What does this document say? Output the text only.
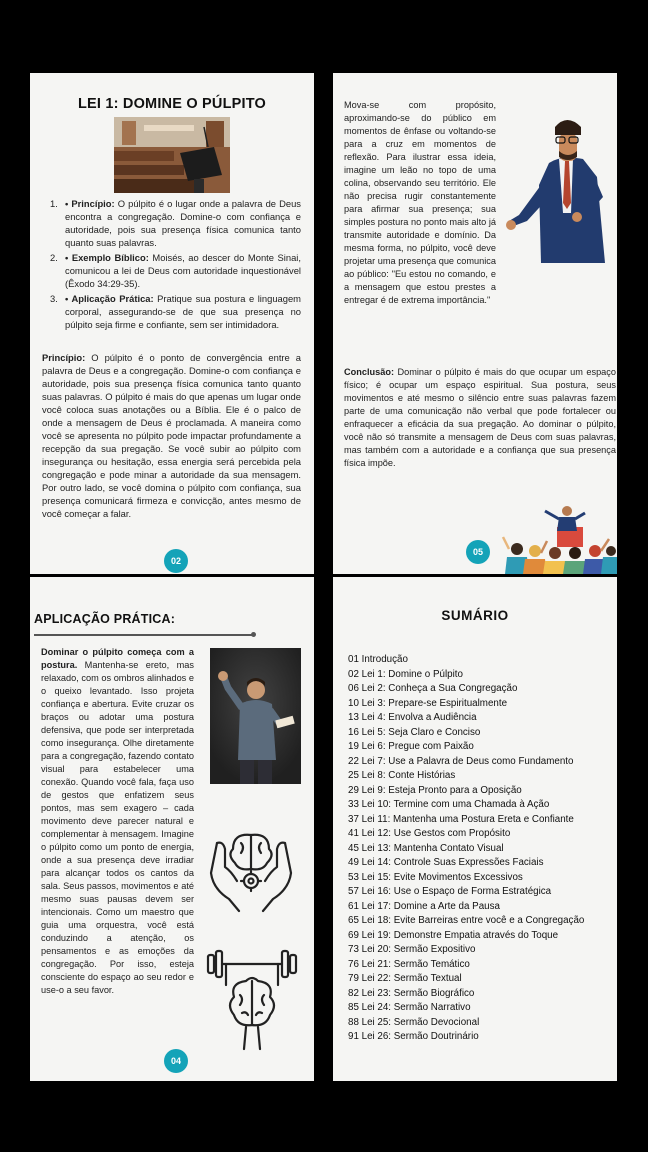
LEI 1: DOMINE O PÚLPITO
1. • Princípio: O púlpito é o lugar onde a palavra de Deus encontra a congregação. Domine-o com confiança e autoridade, pois sua presença física comunica tanto quanto suas palavras.
2. • Exemplo Bíblico: Moisés, ao descer do Monte Sinai, comunicou a lei de Deus com autoridade inquestionável (Êxodo 34:29-35).
3. • Aplicação Prática: Pratique sua postura e linguagem corporal, assegurando-se de que sua presença no púlpito seja firme e confiante, sem ser intimidadora.
Princípio: O púlpito é o ponto de convergência entre a palavra de Deus e a congregação. Domine-o com confiança e autoridade, pois sua presença física comunica tanto quanto suas palavras. O púlpito é mais do que apenas um lugar onde você coloca suas anotações ou a Bíblia. Ele é o palco de onde a mensagem de Deus é proclamada. A maneira como você se apresenta no púlpito pode impactar profundamente a recepção da sua pregação. Se você subir ao púlpito com insegurança ou hesitação, essa energia será percebida pela congregação e pode minar a autoridade da sua mensagem. Por outro lado, se você domina o púlpito com confiança, sua presença comunicará firmeza e convicção, antes mesmo de você começar a falar.
02
Mova-se com propósito, aproximando-se do público em momentos de ênfase ou voltando-se para a cruz em momentos de reflexão. Para ilustrar essa ideia, imagine um leão no topo de uma colina, observando seu território. Ele não precisa rugir constantemente para afirmar sua presença; sua simples postura no ponto mais alto já transmite autoridade e domínio. Da mesma forma, no púlpito, você deve projetar uma presença que comunica ao público: "Eu estou no comando, e a mensagem que estou prestes a entregar é de extrema importância."
Conclusão: Dominar o púlpito é mais do que ocupar um espaço físico; é ocupar um espaço espiritual. Sua postura, seus movimentos e até mesmo o silêncio entre suas palavras fazem parte de uma comunicação não verbal que pode fortalecer ou enfraquecer a eficácia da sua pregação. Ao dominar o púlpito, você não só transmite a mensagem de Deus com suas palavras, mas também com a autoridade e a confiança que sua presença física impõe.
05
APLICAÇÃO PRÁTICA:
Dominar o púlpito começa com a postura. Mantenha-se ereto, mas relaxado, com os ombros alinhados e o queixo levantado. Isso projeta confiança e abertura. Evite cruzar os braços ou adotar uma postura defensiva, que pode ser interpretada como insegurança. Olhe diretamente para a congregação, fazendo contato visual para estabelecer uma conexão. Quando você fala, faça uso de gestos que enfatizem seus pontos, mas sem exagero – cada movimento deve parecer natural e complementar à mensagem. Imagine o púlpito como um ponto de energia, onde a sua presença deve irradiar para alcançar todos os cantos da sala. Seus passos, movimentos e até mesmo suas pausas devem ser intencionais. Como um maestro que guia uma orquestra, você está conduzindo a atenção, os pensamentos e as emoções da congregação. Por isso, esteja consciente do espaço ao seu redor e use-o a seu favor.
04
SUMÁRIO
01 Introdução
02 Lei 1: Domine o Púlpito
06 Lei 2: Conheça a Sua Congregação
10 Lei 3: Prepare-se Espiritualmente
13 Lei 4: Envolva a Audiência
16 Lei 5: Seja Claro e Conciso
19 Lei 6: Pregue com Paixão
22 Lei 7: Use a Palavra de Deus como Fundamento
25 Lei 8: Conte Histórias
29 Lei 9: Esteja Pronto para a Oposição
33 Lei 10: Termine com uma Chamada à Ação
37 Lei 11: Mantenha uma Postura Ereta e Confiante
41 Lei 12: Use Gestos com Propósito
45 Lei 13: Mantenha Contato Visual
49 Lei 14: Controle Suas Expressões Faciais
53 Lei 15: Evite Movimentos Excessivos
57 Lei 16: Use o Espaço de Forma Estratégica
61 Lei 17: Domine a Arte da Pausa
65 Lei 18: Evite Barreiras entre você e a Congregação
69 Lei 19: Demonstre Empatia através do Toque
73 Lei 20: Sermão Expositivo
76 Lei 21: Sermão Temático
79 Lei 22: Sermão Textual
82 Lei 23: Sermão Biográfico
85 Lei 24: Sermão Narrativo
88 Lei 25: Sermão Devocional
91 Lei 26: Sermão Doutrinário
